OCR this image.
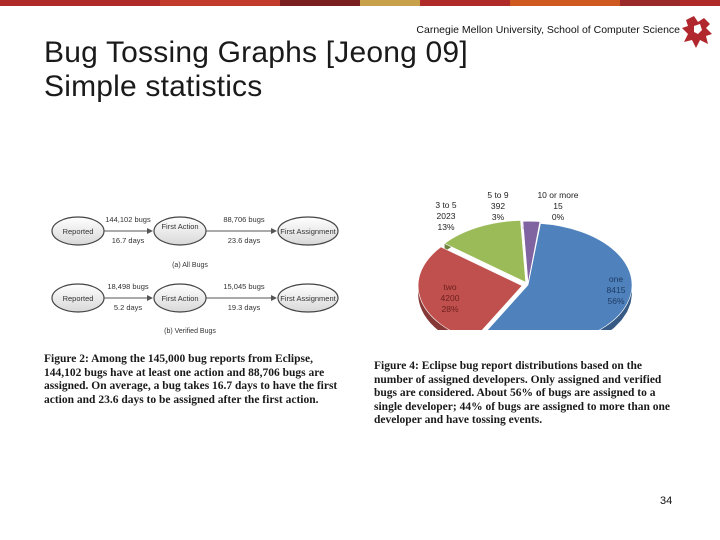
Carnegie Mellon University, School of Computer Science
Bug Tossing Graphs [Jeong 09]
Simple statistics
Reported
First Action
First Assignment
144,102 bugs
16.7 days
88,706 bugs
23.6 days
(a) All Bugs
Reported	First Action	First Assignment
18,498 bugs
5.2 days
15,045 bugs
19.3 days
(b) Verified Bugs
Figure 2: Among the 145,000 bug reports from Eclipse, 144,102 bugs have at least one action and 88,706 bugs are assigned. On average, a bug takes 16.7 days to have the first action and 23.6 days to be assigned after the first action.
one
8415
56%
two
4200
28%
3 to 5
2023
13%
5 to 9
392
3%
10 or more
15
0%
Figure 4: Eclipse bug report distributions based on the number of assigned developers. Only assigned and verified bugs are considered. About 56% of bugs are assigned to a single developer; 44% of bugs are assigned to more than one developer and have tossing events.
34
